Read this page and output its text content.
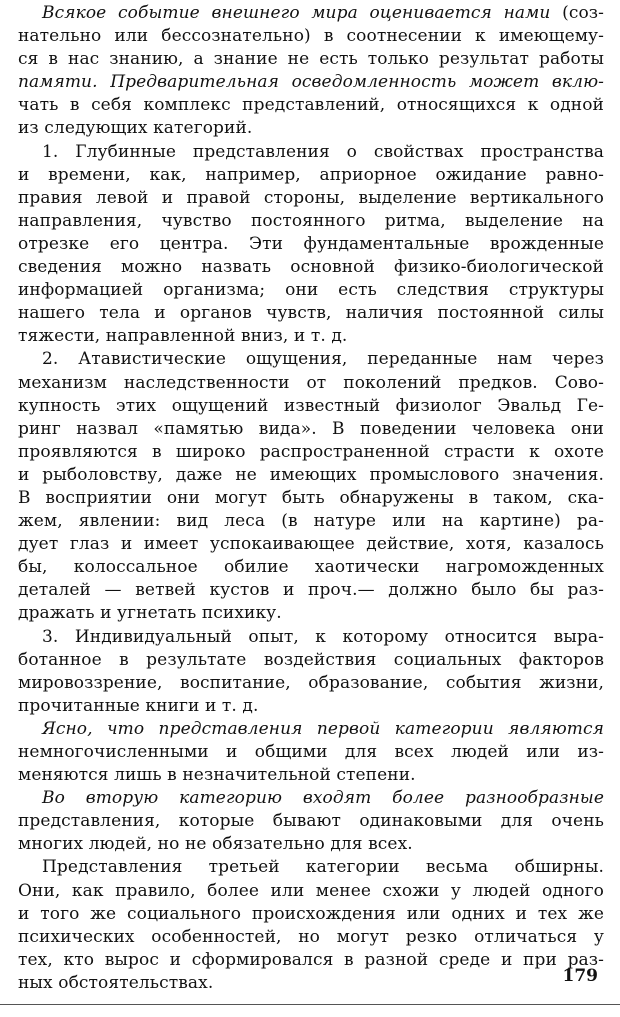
Всякое событие внешнего мира оценивается нами (соз-
нательно или бессознательно) в соотнесении к имеющему-
ся в нас знанию, а знание не есть только результат работы
памяти. Предварительная осведомленность может вклю-
чать в себя комплекс представлений, относящихся к одной
из следующих категорий.
1. Глубинные представления о свойствах пространства
и времени, как, например, априорное ожидание равно-
правия левой и правой стороны, выделение вертикального
направления, чувство постоянного ритма, выделение на
отрезке его центра. Эти фундаментальные врожденные
сведения можно назвать основной физико-биологической
информацией организма; они есть следствия структуры
нашего тела и органов чувств, наличия постоянной силы
тяжести, направленной вниз, и т. д.
2. Атавистические ощущения, переданные нам через
механизм наследственности от поколений предков. Сово-
купность этих ощущений известный физиолог Эвальд Ге-
ринг назвал «памятью вида». В поведении человека они
проявляются в широко распространенной страсти к охоте
и рыболовству, даже не имеющих промыслового значения.
В восприятии они могут быть обнаружены в таком, ска-
жем, явлении: вид леса (в натуре или на картине) ра-
дует глаз и имеет успокаивающее действие, хотя, казалось
бы, колоссальное обилие хаотически нагроможденных
деталей — ветвей кустов и проч.— должно было бы раз-
дражать и угнетать психику.
3. Индивидуальный опыт, к которому относится выра-
ботанное в результате воздействия социальных факторов
мировоззрение, воспитание, образование, события жизни,
прочитанные книги и т. д.
Ясно, что представления первой категории являются
немногочисленными и общими для всех людей или из-
меняются лишь в незначительной степени.
Во вторую категорию входят более разнообразные
представления, которые бывают одинаковыми для очень
многих людей, но не обязательно для всех.
Представления третьей категории весьма обширны.
Они, как правило, более или менее схожи у людей одного
и того же социального происхождения или одних и тех же
психических особенностей, но могут резко отличаться у
тех, кто вырос и сформировался в разной среде и при раз-
ных обстоятельствах.	179
